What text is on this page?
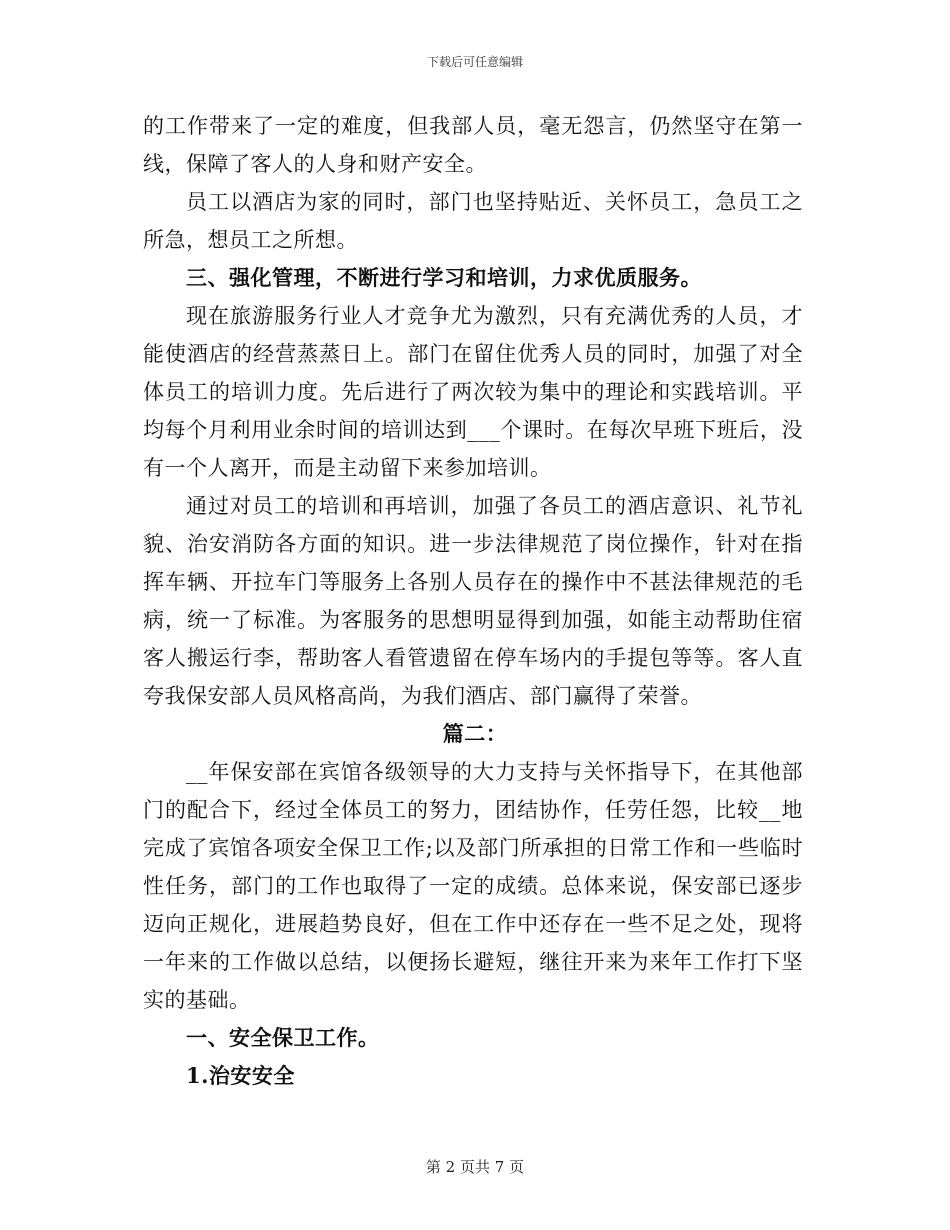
下载后可任意编辑
的工作带来了一定的难度，但我部人员，毫无怨言，仍然坚守在第一
线，保障了客人的人身和财产安全。
员工以酒店为家的同时，部门也坚持贴近、关怀员工，急员工之
所急，想员工之所想。
三、强化管理，不断进行学习和培训，力求优质服务。
现在旅游服务行业人才竞争尤为激烈，只有充满优秀的人员，才
能使酒店的经营蒸蒸日上。部门在留住优秀人员的同时，加强了对全
体员工的培训力度。先后进行了两次较为集中的理论和实践培训。平
均每个月利用业余时间的培训达到___个课时。在每次早班下班后，没
有一个人离开，而是主动留下来参加培训。
通过对员工的培训和再培训，加强了各员工的酒店意识、礼节礼
貌、治安消防各方面的知识。进一步法律规范了岗位操作，针对在指
挥车辆、开拉车门等服务上各别人员存在的操作中不甚法律规范的毛
病，统一了标准。为客服务的思想明显得到加强，如能主动帮助住宿
客人搬运行李，帮助客人看管遗留在停车场内的手提包等等。客人直
夸我保安部人员风格高尚，为我们酒店、部门赢得了荣誉。
篇二：
__年保安部在宾馆各级领导的大力支持与关怀指导下，在其他部
门的配合下，经过全体员工的努力，团结协作，任劳任怨，比较__地
完成了宾馆各项安全保卫工作;以及部门所承担的日常工作和一些临时
性任务，部门的工作也取得了一定的成绩。总体来说，保安部已逐步
迈向正规化，进展趋势良好，但在工作中还存在一些不足之处，现将
一年来的工作做以总结，以便扬长避短，继往开来为来年工作打下坚
实的基础。
一、安全保卫工作。
1.治安安全
第 2 页共 7 页
